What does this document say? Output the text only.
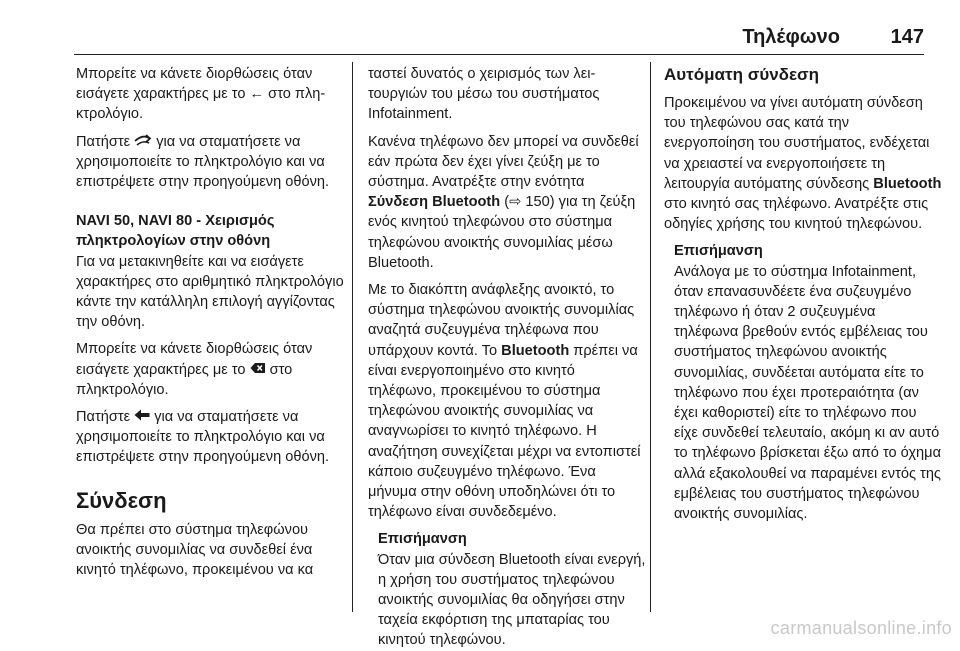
Τηλέφωνο	147

Μπορείτε να κάνετε διορθώσεις όταν εισάγετε χαρακτήρες με το ← στο πληκτρολόγιο.

Πατήστε  για να σταματήσετε να χρησιμοποιείτε το πληκτρολόγιο και να επιστρέψετε στην προηγούμενη οθόνη.

NAVI 50, NAVI 80 - Χειρισμός

πληκτρολογίων στην οθόνη

Για να μετακινηθείτε και να εισάγετε χαρακτήρες στο αριθμητικό πληκτρολόγιο κάντε την κατάλληλη επιλογή αγγίζοντας την οθόνη.

Μπορείτε να κάνετε διορθώσεις όταν εισάγετε χαρακτήρες με το  στο πληκτρολόγιο.

Πατήστε  για να σταματήσετε να χρησιμοποιείτε το πληκτρολόγιο και να επιστρέψετε στην προηγούμενη οθόνη.

Σύνδεση

Θα πρέπει στο σύστημα τηλεφώνου ανοικτής συνομιλίας να συνδεθεί ένα κινητό τηλέφωνο, προκειμένου να κα

ταστεί δυνατός ο χειρισμός των λειτουργιών του μέσω του συστήματος Infotainment.

Κανένα τηλέφωνο δεν μπορεί να συνδεθεί εάν πρώτα δεν έχει γίνει ζεύξη με το σύστημα. Ανατρέξτε στην ενότητα Σύνδεση Bluetooth (⇨ 150) για τη ζεύξη ενός κινητού τηλεφώνου στο σύστημα τηλεφώνου ανοικτής συνομιλίας μέσω Bluetooth.

Με το διακόπτη ανάφλεξης ανοικτό, το σύστημα τηλεφώνου ανοικτής συνομιλίας αναζητά συζευγμένα τηλέφωνα που υπάρχουν κοντά. Το Bluetooth πρέπει να είναι ενεργοποιημένο στο κινητό τηλέφωνο, προκειμένου το σύστημα τηλεφώνου ανοικτής συνομιλίας να αναγνωρίσει το κινητό τηλέφωνο. Η αναζήτηση συνεχίζεται μέχρι να εντοπιστεί κάποιο συζευγμένο τηλέφωνο. Ένα μήνυμα στην οθόνη υποδηλώνει ότι το τηλέφωνο είναι συνδεδεμένο.

Επισήμανση
Όταν μια σύνδεση Bluetooth είναι ενεργή, η χρήση του συστήματος τηλεφώνου ανοικτής συνομιλίας θα οδηγήσει στην ταχεία εκφόρτιση της μπαταρίας του κινητού τηλεφώνου.

Αυτόματη σύνδεση

Προκειμένου να γίνει αυτόματη σύνδεση του τηλεφώνου σας κατά την ενεργοποίηση του συστήματος, ενδέχεται να χρειαστεί να ενεργοποιήσετε τη λειτουργία αυτόματης σύνδεσης Bluetooth στο κινητό σας τηλέφωνο. Ανατρέξτε στις οδηγίες χρήσης του κινητού τηλεφώνου.

Επισήμανση
Ανάλογα με το σύστημα Infotainment, όταν επανασυνδέετε ένα συζευγμένο τηλέφωνο ή όταν 2 συζευγμένα τηλέφωνα βρεθούν εντός εμβέλειας του συστήματος τηλεφώνου ανοικτής συνομιλίας, συνδέεται αυτόματα είτε το τηλέφωνο που έχει προτεραιότητα (αν έχει καθοριστεί) είτε το τηλέφωνο που είχε συνδεθεί τελευταίο, ακόμη κι αν αυτό το τηλέφωνο βρίσκεται έξω από το όχημα αλλά εξακολουθεί να παραμένει εντός της εμβέλειας του συστήματος τηλεφώνου ανοικτής συνομιλίας.
carmanualsonline.info
